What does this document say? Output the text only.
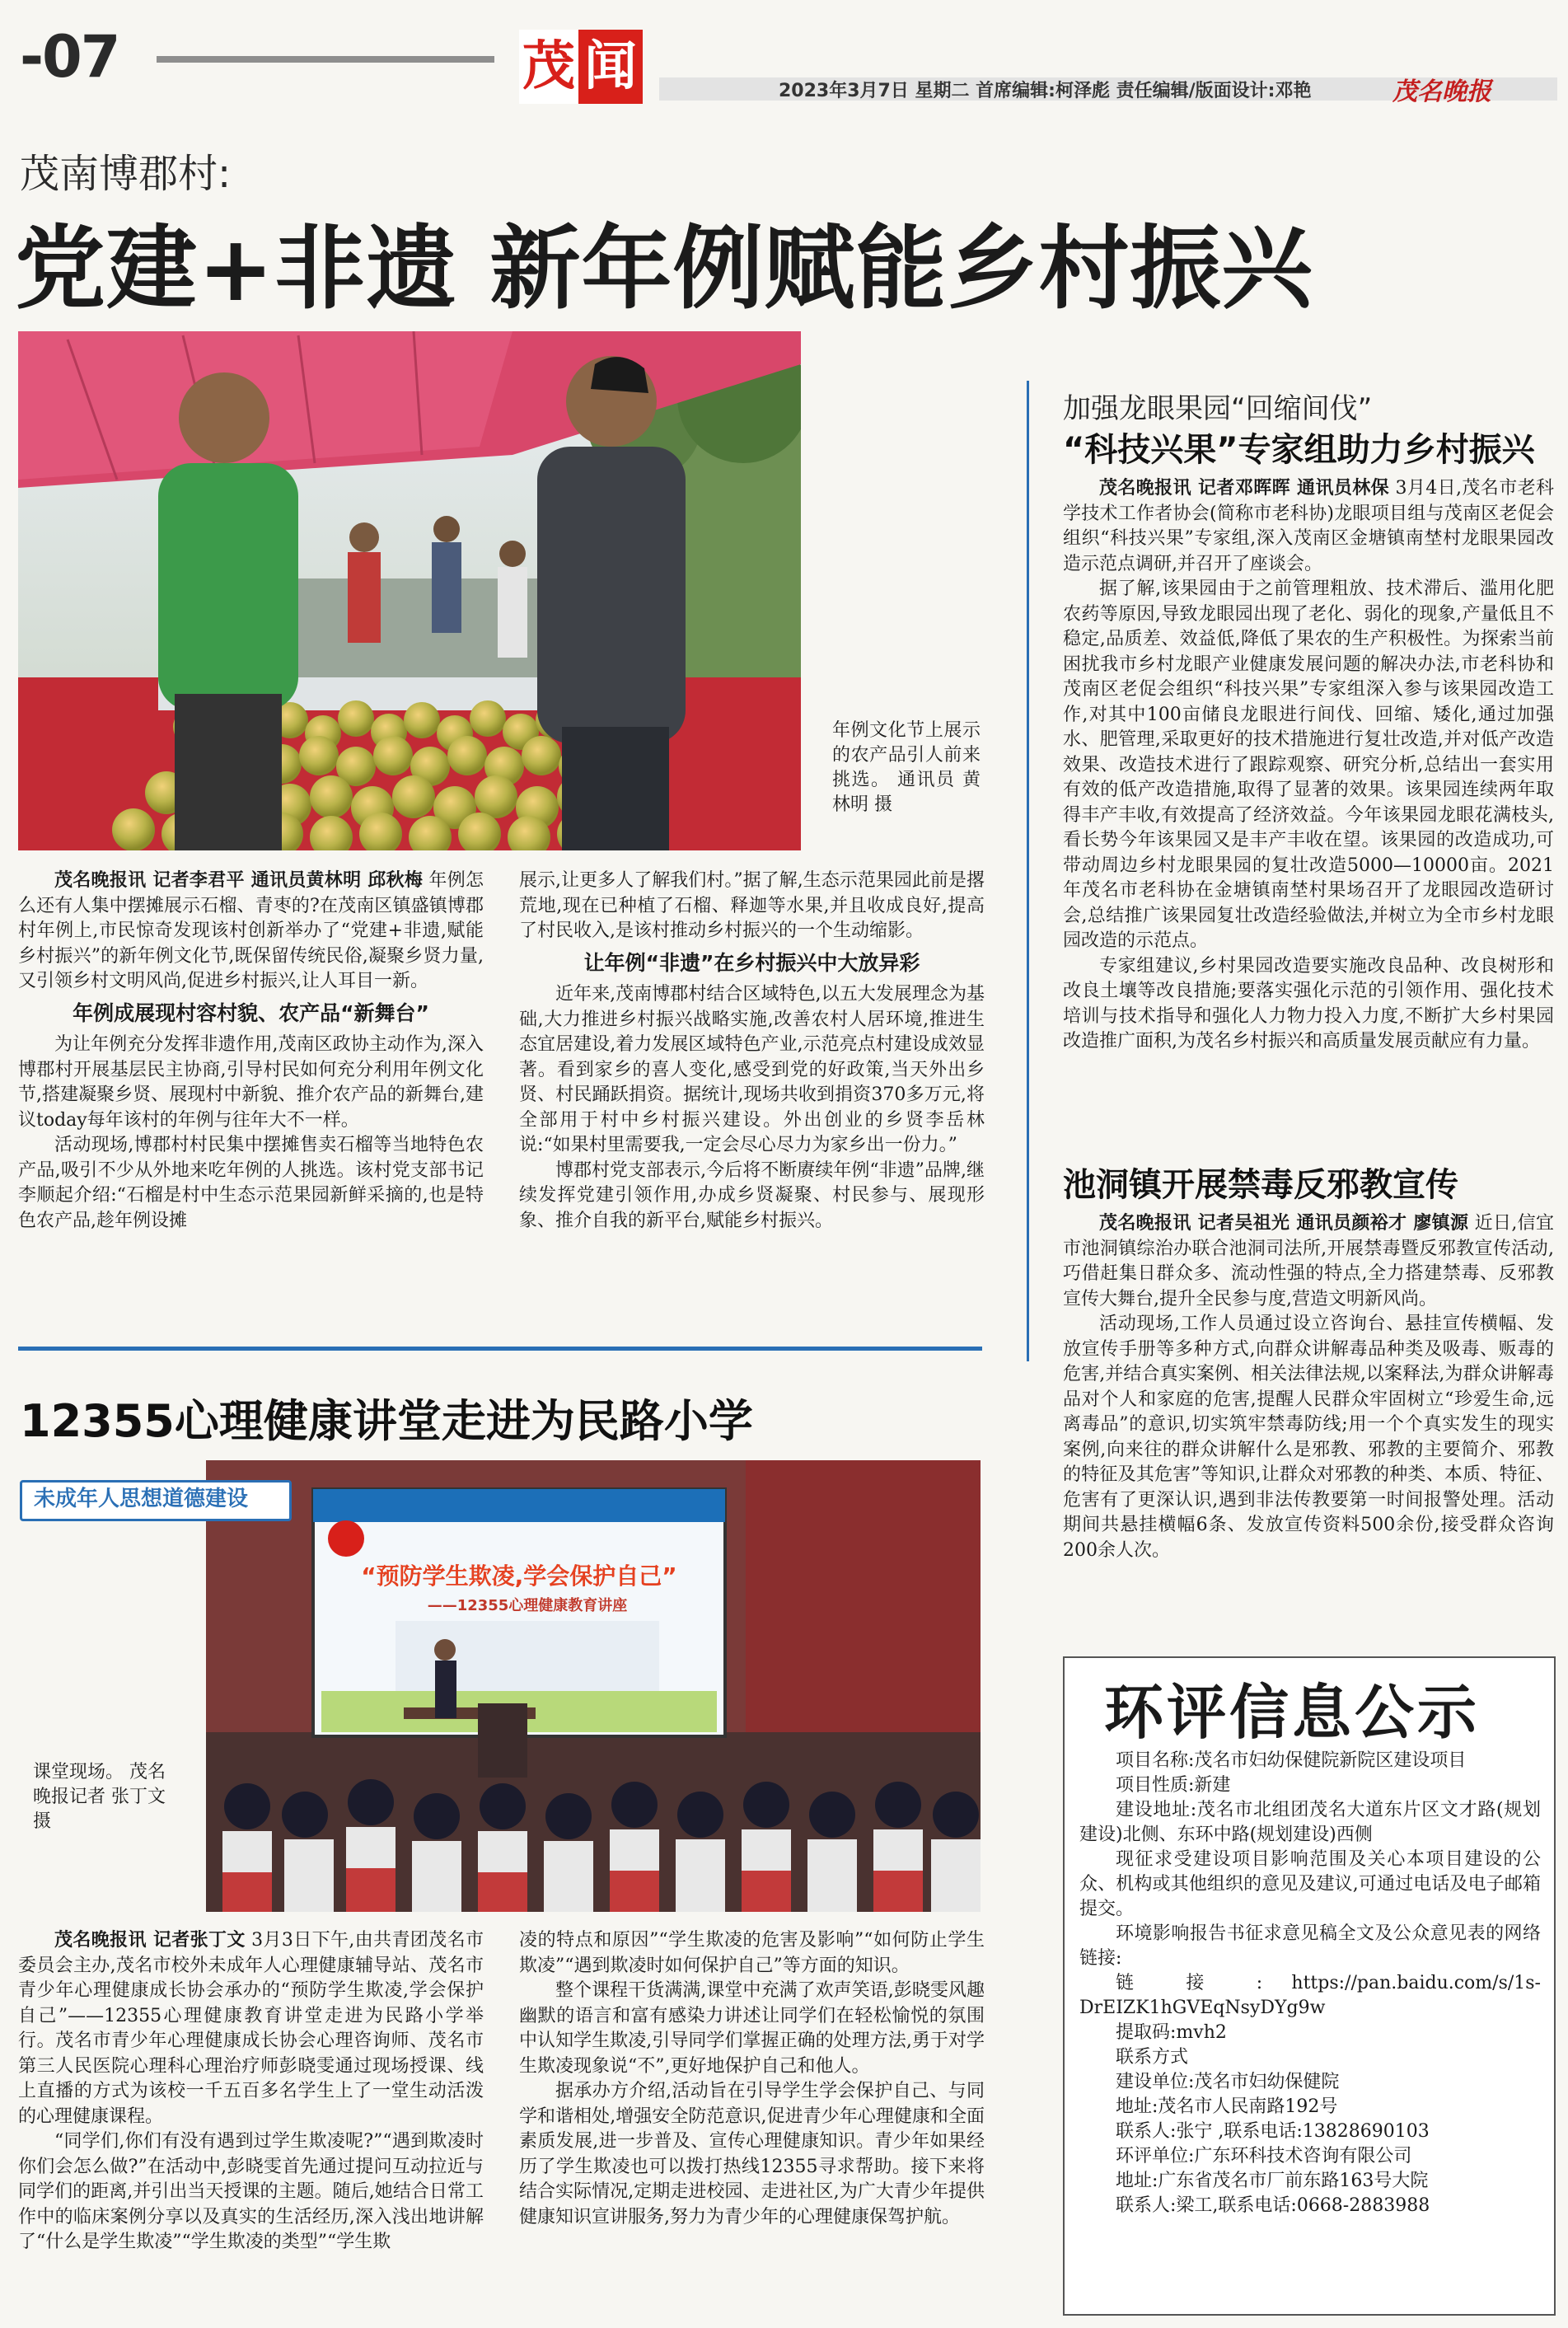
-07	茂 闻	2023年3月7日 星期二 首席编辑:柯泽彪 责任编辑/版面设计:邓艳	茂名晚报
茂南博郡村:
党建+非遗 新年例赋能乡村振兴
年例文化节上展示的农产品引人前来挑选。 通讯员 黄林明 摄

茂名晚报讯 记者李君平 通讯员黄林明 邱秋梅 年例怎么还有人集中摆摊展示石榴、青枣的?在茂南区镇盛镇博郡村年例上,市民惊奇发现该村创新举办了“党建+非遗,赋能乡村振兴”的新年例文化节,既保留传统民俗,凝聚乡贤力量,又引领乡村文明风尚,促进乡村振兴,让人耳目一新。

年例成展现村容村貌、农产品“新舞台”

为让年例充分发挥非遗作用,茂南区政协主动作为,深入博郡村开展基层民主协商,引导村民如何充分利用年例文化节,搭建凝聚乡贤、展现村中新貌、推介农产品的新舞台,建议today每年该村的年例与往年大不一样。

活动现场,博郡村村民集中摆摊售卖石榴等当地特色农产品,吸引不少从外地来吃年例的人挑选。该村党支部书记李顺起介绍:“石榴是村中生态示范果园新鲜采摘的,也是特色农产品,趁年例设摊

展示,让更多人了解我们村。”据了解,生态示范果园此前是撂荒地,现在已种植了石榴、释迦等水果,并且收成良好,提高了村民收入,是该村推动乡村振兴的一个生动缩影。

让年例“非遗”在乡村振兴中大放异彩

近年来,茂南博郡村结合区域特色,以五大发展理念为基础,大力推进乡村振兴战略实施,改善农村人居环境,推进生态宜居建设,着力发展区域特色产业,示范亮点村建设成效显著。看到家乡的喜人变化,感受到党的好政策,当天外出乡贤、村民踊跃捐资。据统计,现场共收到捐资370多万元,将全部用于村中乡村振兴建设。外出创业的乡贤李岳林说:“如果村里需要我,一定会尽心尽力为家乡出一份力。”

博郡村党支部表示,今后将不断赓续年例“非遗”品牌,继续发挥党建引领作用,办成乡贤凝聚、村民参与、展现形象、推介自我的新平台,赋能乡村振兴。

加强龙眼果园“回缩间伐”
“科技兴果”专家组助力乡村振兴

茂名晚报讯 记者邓晖晖 通讯员林保 3月4日,茂名市老科学技术工作者协会(简称市老科协)龙眼项目组与茂南区老促会组织“科技兴果”专家组,深入茂南区金塘镇南埜村龙眼果园改造示范点调研,并召开了座谈会。

据了解,该果园由于之前管理粗放、技术滞后、滥用化肥农药等原因,导致龙眼园出现了老化、弱化的现象,产量低且不稳定,品质差、效益低,降低了果农的生产积极性。为探索当前困扰我市乡村龙眼产业健康发展问题的解决办法,市老科协和茂南区老促会组织“科技兴果”专家组深入参与该果园改造工作,对其中100亩储良龙眼进行间伐、回缩、矮化,通过加强水、肥管理,采取更好的技术措施进行复壮改造,并对低产改造效果、改造技术进行了跟踪观察、研究分析,总结出一套实用有效的低产改造措施,取得了显著的效果。该果园连续两年取得丰产丰收,有效提高了经济效益。今年该果园龙眼花满枝头,看长势今年该果园又是丰产丰收在望。该果园的改造成功,可带动周边乡村龙眼果园的复壮改造5000—10000亩。2021年茂名市老科协在金塘镇南埜村果场召开了龙眼园改造研讨会,总结推广该果园复壮改造经验做法,并树立为全市乡村龙眼园改造的示范点。

专家组建议,乡村果园改造要实施改良品种、改良树形和改良土壤等改良措施;要落实强化示范的引领作用、强化技术培训与技术指导和强化人力物力投入力度,不断扩大乡村果园改造推广面积,为茂名乡村振兴和高质量发展贡献应有力量。

池洞镇开展禁毒反邪教宣传

茂名晚报讯 记者吴祖光 通讯员颜裕才 廖镇源 近日,信宜市池洞镇综治办联合池洞司法所,开展禁毒暨反邪教宣传活动,巧借赶集日群众多、流动性强的特点,全力搭建禁毒、反邪教宣传大舞台,提升全民参与度,营造文明新风尚。

活动现场,工作人员通过设立咨询台、悬挂宣传横幅、发放宣传手册等多种方式,向群众讲解毒品种类及吸毒、贩毒的危害,并结合真实案例、相关法律法规,以案释法,为群众讲解毒品对个人和家庭的危害,提醒人民群众牢固树立“珍爱生命,远离毒品”的意识,切实筑牢禁毒防线;用一个个真实发生的现实案例,向来往的群众讲解什么是邪教、邪教的主要简介、邪教的特征及其危害”等知识,让群众对邪教的种类、本质、特征、危害有了更深认识,遇到非法传教要第一时间报警处理。活动期间共悬挂横幅6条、发放宣传资料500余份,接受群众咨询200余人次。

12355心理健康讲堂走进为民路小学
“预防学生欺凌,学会保护自己”
——12355心理健康教育讲座
未成年人思想道德建设
课堂现场。 茂名晚报记者 张丁文 摄

茂名晚报讯 记者张丁文 3月3日下午,由共青团茂名市委员会主办,茂名市校外未成年人心理健康辅导站、茂名市青少年心理健康成长协会承办的“预防学生欺凌,学会保护自己”——12355心理健康教育讲堂走进为民路小学举行。茂名市青少年心理健康成长协会心理咨询师、茂名市第三人民医院心理科心理治疗师彭晓雯通过现场授课、线上直播的方式为该校一千五百多名学生上了一堂生动活泼的心理健康课程。

“同学们,你们有没有遇到过学生欺凌呢?”“遇到欺凌时你们会怎么做?”在活动中,彭晓雯首先通过提问互动拉近与同学们的距离,并引出当天授课的主题。随后,她结合日常工作中的临床案例分享以及真实的生活经历,深入浅出地讲解了“什么是学生欺凌”“学生欺凌的类型”“学生欺

凌的特点和原因”“学生欺凌的危害及影响”“如何防止学生欺凌”“遇到欺凌时如何保护自己”等方面的知识。

整个课程干货满满,课堂中充满了欢声笑语,彭晓雯风趣幽默的语言和富有感染力讲述让同学们在轻松愉悦的氛围中认知学生欺凌,引导同学们掌握正确的处理方法,勇于对学生欺凌现象说“不”,更好地保护自己和他人。

据承办方介绍,活动旨在引导学生学会保护自己、与同学和谐相处,增强安全防范意识,促进青少年心理健康和全面素质发展,进一步普及、宣传心理健康知识。青少年如果经历了学生欺凌也可以拨打热线12355寻求帮助。接下来将结合实际情况,定期走进校园、走进社区,为广大青少年提供健康知识宣讲服务,努力为青少年的心理健康保驾护航。

环评信息公示

项目名称:茂名市妇幼保健院新院区建设项目

项目性质:新建

建设地址:茂名市北组团茂名大道东片区文才路(规划建设)北侧、东环中路(规划建设)西侧

现征求受建设项目影响范围及关心本项目建设的公众、机构或其他组织的意见及建议,可通过电话及电子邮箱提交。

环境影响报告书征求意见稿全文及公众意见表的网络链接:

链 接 : https://pan.baidu.com/s/1s-DrEIZK1hGVEqNsyDYg9w

提取码:mvh2

联系方式

建设单位:茂名市妇幼保健院

地址:茂名市人民南路192号

联系人:张宁 ,联系电话:13828690103

环评单位:广东环科技术咨询有限公司

地址:广东省茂名市厂前东路163号大院

联系人:梁工,联系电话:0668-2883988
